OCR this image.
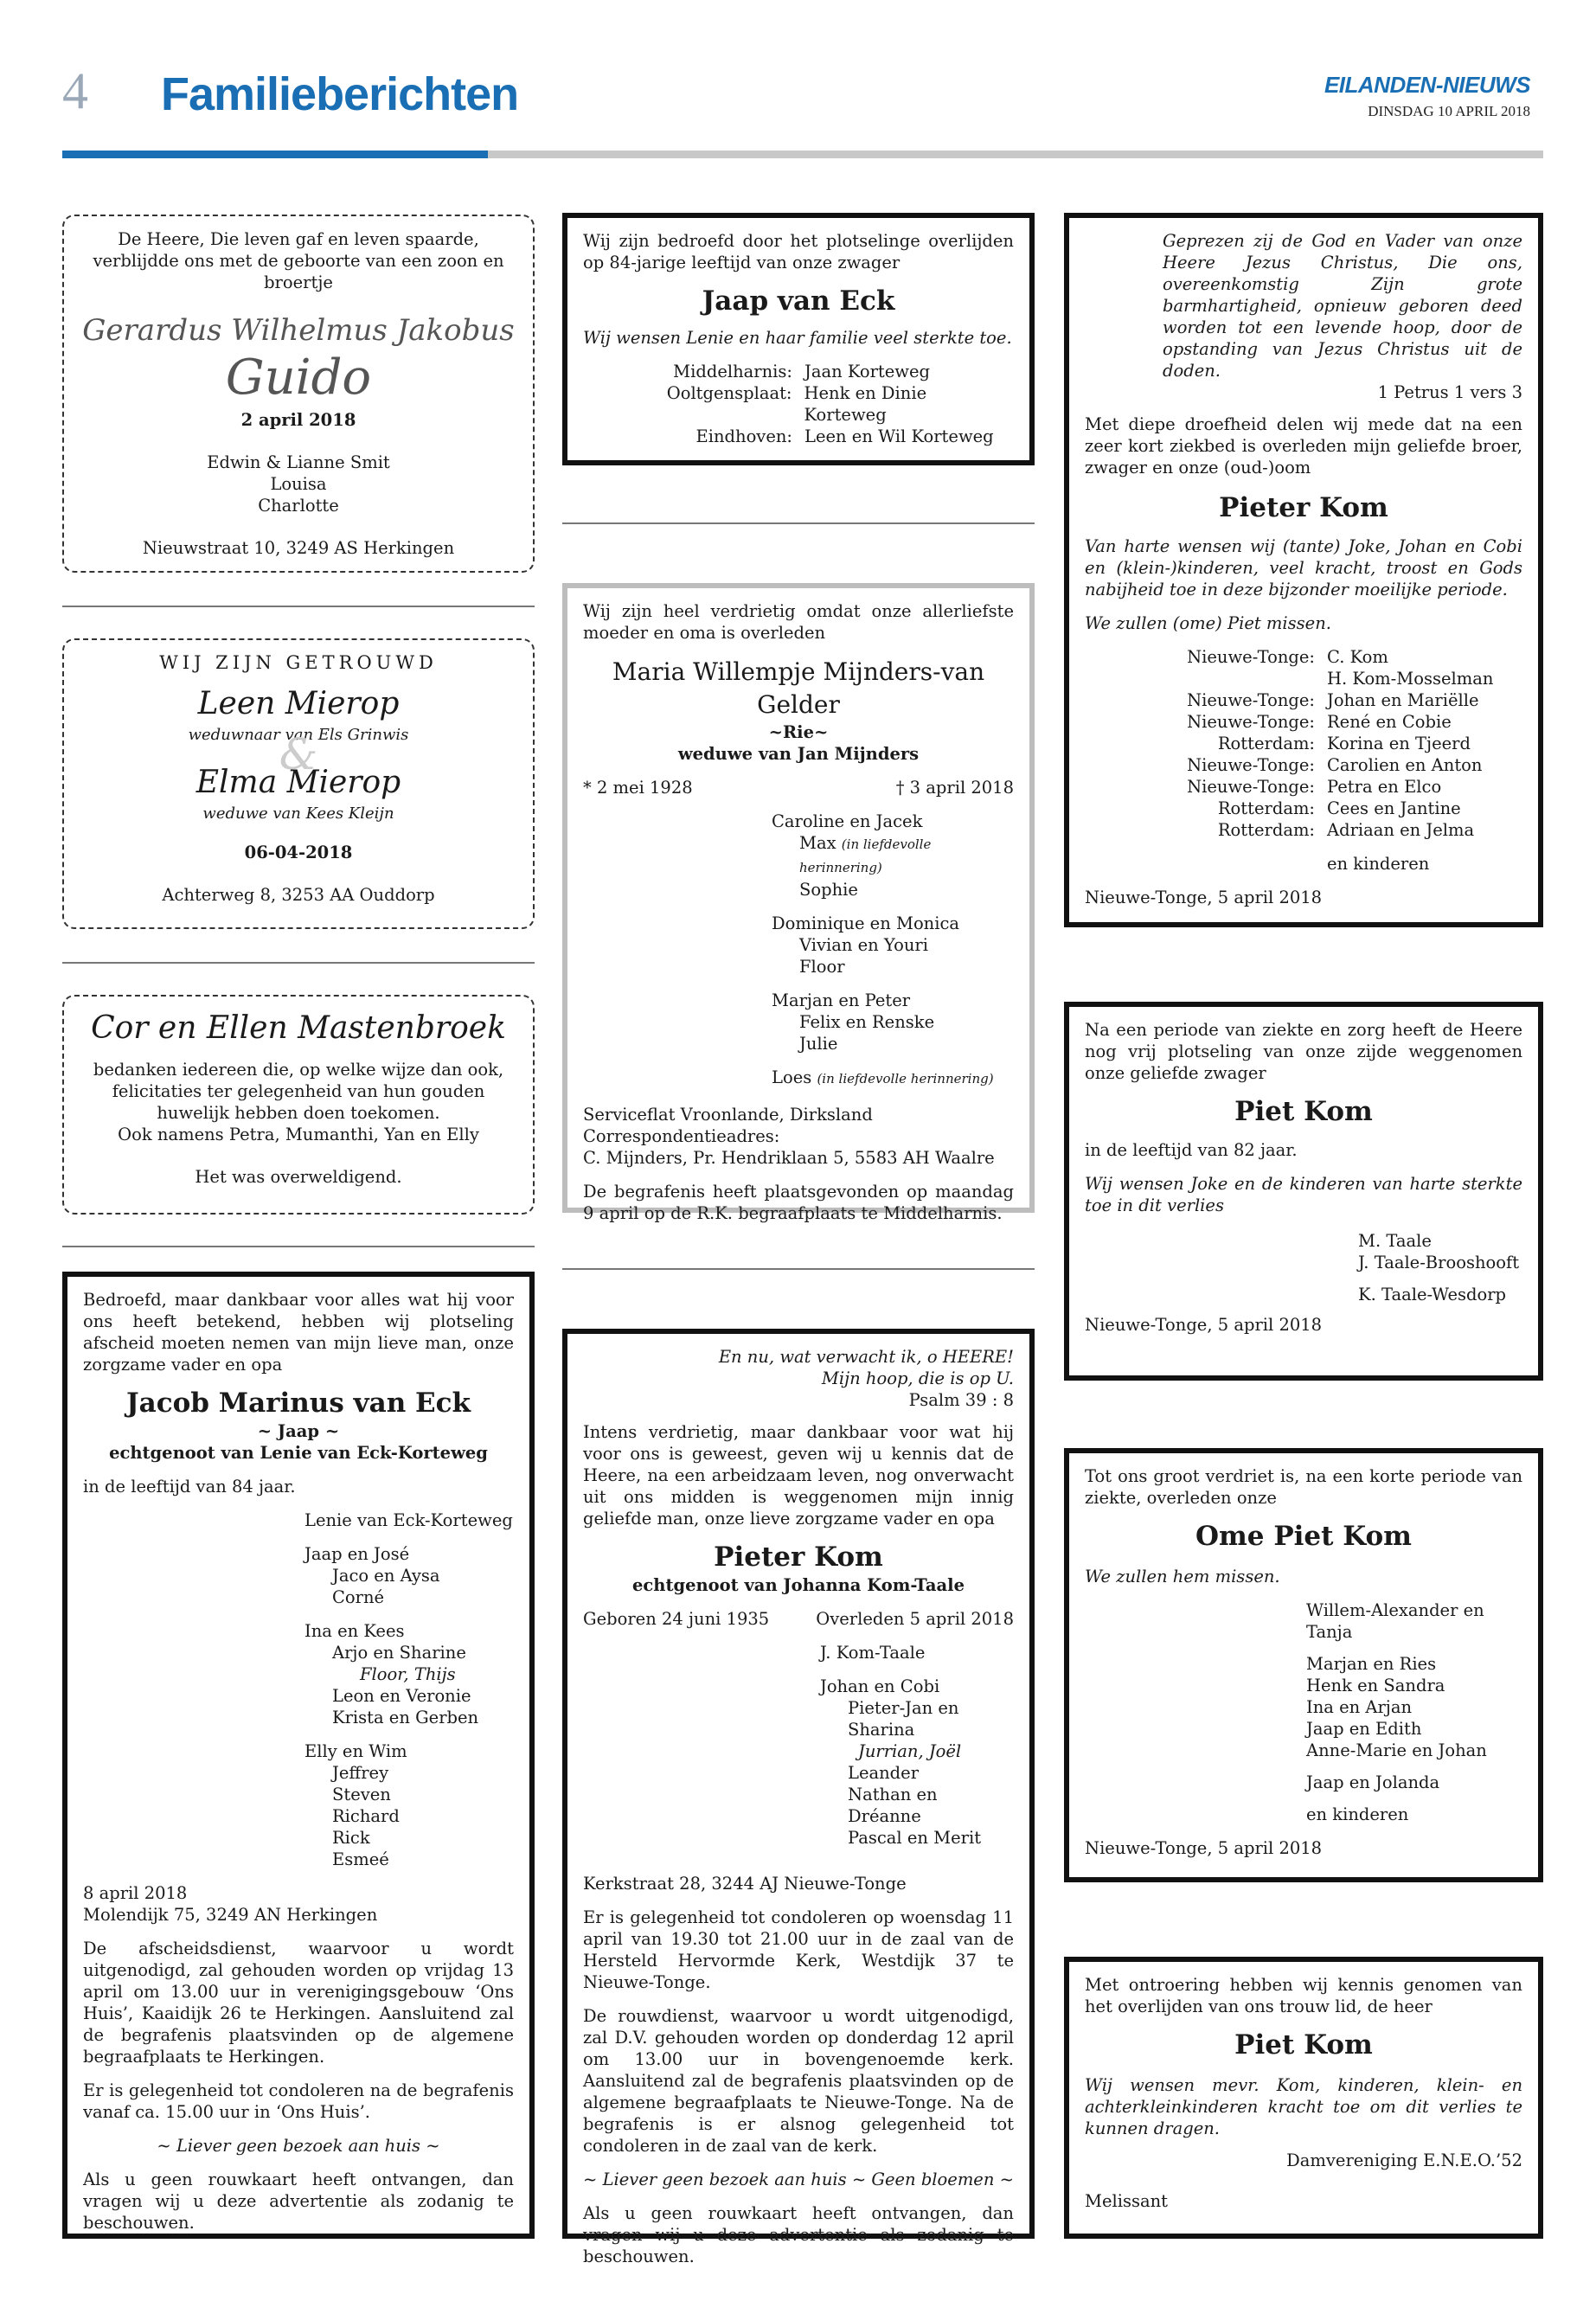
4 Familieberichten	EILANDEN-NIEUWS
DINSDAG 10 APRIL 2018
De Heere, Die leven gaf en leven spaarde,
verblijdde ons met de geboorte van een zoon en broertje
Gerardus Wilhelmus Jakobus
Guido
2 april 2018
Edwin & Lianne Smit
Louisa
Charlotte
Nieuwstraat 10, 3249 AS Herkingen
WIJ ZIJN GETROUWD
Leen Mierop
weduwnaar van Els Grinwis
&
Elma Mierop
weduwe van Kees Kleijn
06-04-2018
Achterweg 8, 3253 AA Ouddorp
Cor en Ellen Mastenbroek
bedanken iedereen die, op welke wijze dan ook,
felicitaties ter gelegenheid van hun gouden
huwelijk hebben doen toekomen.
Ook namens Petra, Mumanthi, Yan en Elly
Het was overweldigend.
Bedroefd, maar dankbaar voor alles wat hij voor ons heeft betekend, hebben wij plotseling afscheid moeten nemen van mijn lieve man, onze zorgzame vader en opa
Jacob Marinus van Eck
~ Jaap ~
echtgenoot van Lenie van Eck-Korteweg
in de leeftijd van 84 jaar.
Lenie van Eck-Korteweg
Jaap en José
Jaco en Aysa
Corné
Ina en Kees
Arjo en Sharine
Floor, Thijs
Leon en Veronie
Krista en Gerben
Elly en Wim
Jeffrey
Steven
Richard
Rick
Esmeé
8 april 2018
Molendijk 75, 3249 AN Herkingen
De afscheidsdienst, waarvoor u wordt uitgenodigd, zal gehouden worden op vrijdag 13 april om 13.00 uur in verenigingsgebouw ‘Ons Huis’, Kaaidijk 26 te Herkingen. Aansluitend zal de begrafenis plaatsvinden op de algemene begraafplaats te Herkingen.
Er is gelegenheid tot condoleren na de begrafenis vanaf ca. 15.00 uur in ‘Ons Huis’.
~ Liever geen bezoek aan huis ~
Als u geen rouwkaart heeft ontvangen, dan vragen wij u deze advertentie als zodanig te beschouwen.
Wij zijn bedroefd door het plotselinge overlijden op 84-jarige leeftijd van onze zwager
Jaap van Eck
Wij wensen Lenie en haar familie veel sterkte toe.
Middelharnis: Jaan Korteweg
Ooltgensplaat: Henk en Dinie Korteweg
Eindhoven: Leen en Wil Korteweg
Wij zijn heel verdrietig omdat onze allerliefste moeder en oma is overleden
Maria Willempje Mijnders-van Gelder
~Rie~
weduwe van Jan Mijnders
* 2 mei 1928	† 3 april 2018
Caroline en Jacek
Max (in liefdevolle herinnering)
Sophie
Dominique en Monica
Vivian en Youri
Floor
Marjan en Peter
Felix en Renske
Julie
Loes (in liefdevolle herinnering)
Serviceflat Vroonlande, Dirksland
Correspondentieadres:
C. Mijnders, Pr. Hendriklaan 5, 5583 AH Waalre
De begrafenis heeft plaatsgevonden op maandag 9 april op de R.K. begraafplaats te Middelharnis.
En nu, wat verwacht ik, o HEERE!
Mijn hoop, die is op U.
Psalm 39 : 8
Intens verdrietig, maar dankbaar voor wat hij voor ons is geweest, geven wij u kennis dat de Heere, na een arbeidzaam leven, nog onverwacht uit ons midden is weggenomen mijn innig geliefde man, onze lieve zorgzame vader en opa
Pieter Kom
echtgenoot van Johanna Kom-Taale
Geboren 24 juni 1935	Overleden 5 april 2018
J. Kom-Taale
Johan en Cobi
Pieter-Jan en Sharina
Jurrian, Joël
Leander
Nathan en Dréanne
Pascal en Merit
Kerkstraat 28, 3244 AJ Nieuwe-Tonge
Er is gelegenheid tot condoleren op woensdag 11 april van 19.30 tot 21.00 uur in de zaal van de Hersteld Hervormde Kerk, Westdijk 37 te Nieuwe-Tonge.
De rouwdienst, waarvoor u wordt uitgenodigd, zal D.V. gehouden worden op donderdag 12 april om 13.00 uur in bovengenoemde kerk. Aansluitend zal de begrafenis plaatsvinden op de algemene begraafplaats te Nieuwe-Tonge. Na de begrafenis is er alsnog gelegenheid tot condoleren in de zaal van de kerk.
~ Liever geen bezoek aan huis ~ Geen bloemen ~
Als u geen rouwkaart heeft ontvangen, dan vragen wij u deze advertentie als zodanig te beschouwen.
Geprezen zij de God en Vader van onze Heere Jezus Christus, Die ons, overeenkomstig Zijn grote barmhartigheid, opnieuw geboren deed worden tot een levende hoop, door de opstanding van Jezus Christus uit de doden.
1 Petrus 1 vers 3
Met diepe droefheid delen wij mede dat na een zeer kort ziekbed is overleden mijn geliefde broer, zwager en onze (oud-)oom
Pieter Kom
Van harte wensen wij (tante) Joke, Johan en Cobi en (klein-)kinderen, veel kracht, troost en Gods nabijheid toe in deze bijzonder moeilijke periode.
We zullen (ome) Piet missen.
Nieuwe-Tonge: C. Kom
H. Kom-Mosselman
Nieuwe-Tonge: Johan en Mariëlle
Nieuwe-Tonge: René en Cobie
Rotterdam: Korina en Tjeerd
Nieuwe-Tonge: Carolien en Anton
Nieuwe-Tonge: Petra en Elco
Rotterdam: Cees en Jantine
Rotterdam: Adriaan en Jelma
en kinderen
Nieuwe-Tonge, 5 april 2018
Na een periode van ziekte en zorg heeft de Heere nog vrij plotseling van onze zijde weggenomen onze geliefde zwager
Piet Kom
in de leeftijd van 82 jaar.
Wij wensen Joke en de kinderen van harte sterkte toe in dit verlies
M. Taale
J. Taale-Brooshooft
K. Taale-Wesdorp
Nieuwe-Tonge, 5 april 2018
Tot ons groot verdriet is, na een korte periode van ziekte, overleden onze
Ome Piet Kom
We zullen hem missen.
Willem-Alexander en Tanja
Marjan en Ries
Henk en Sandra
Ina en Arjan
Jaap en Edith
Anne-Marie en Johan
Jaap en Jolanda
en kinderen
Nieuwe-Tonge, 5 april 2018
Met ontroering hebben wij kennis genomen van het overlijden van ons trouw lid, de heer
Piet Kom
Wij wensen mevr. Kom, kinderen, klein- en achterkleinkinderen kracht toe om dit verlies te kunnen dragen.
Damvereniging E.N.E.O.’52
Melissant
